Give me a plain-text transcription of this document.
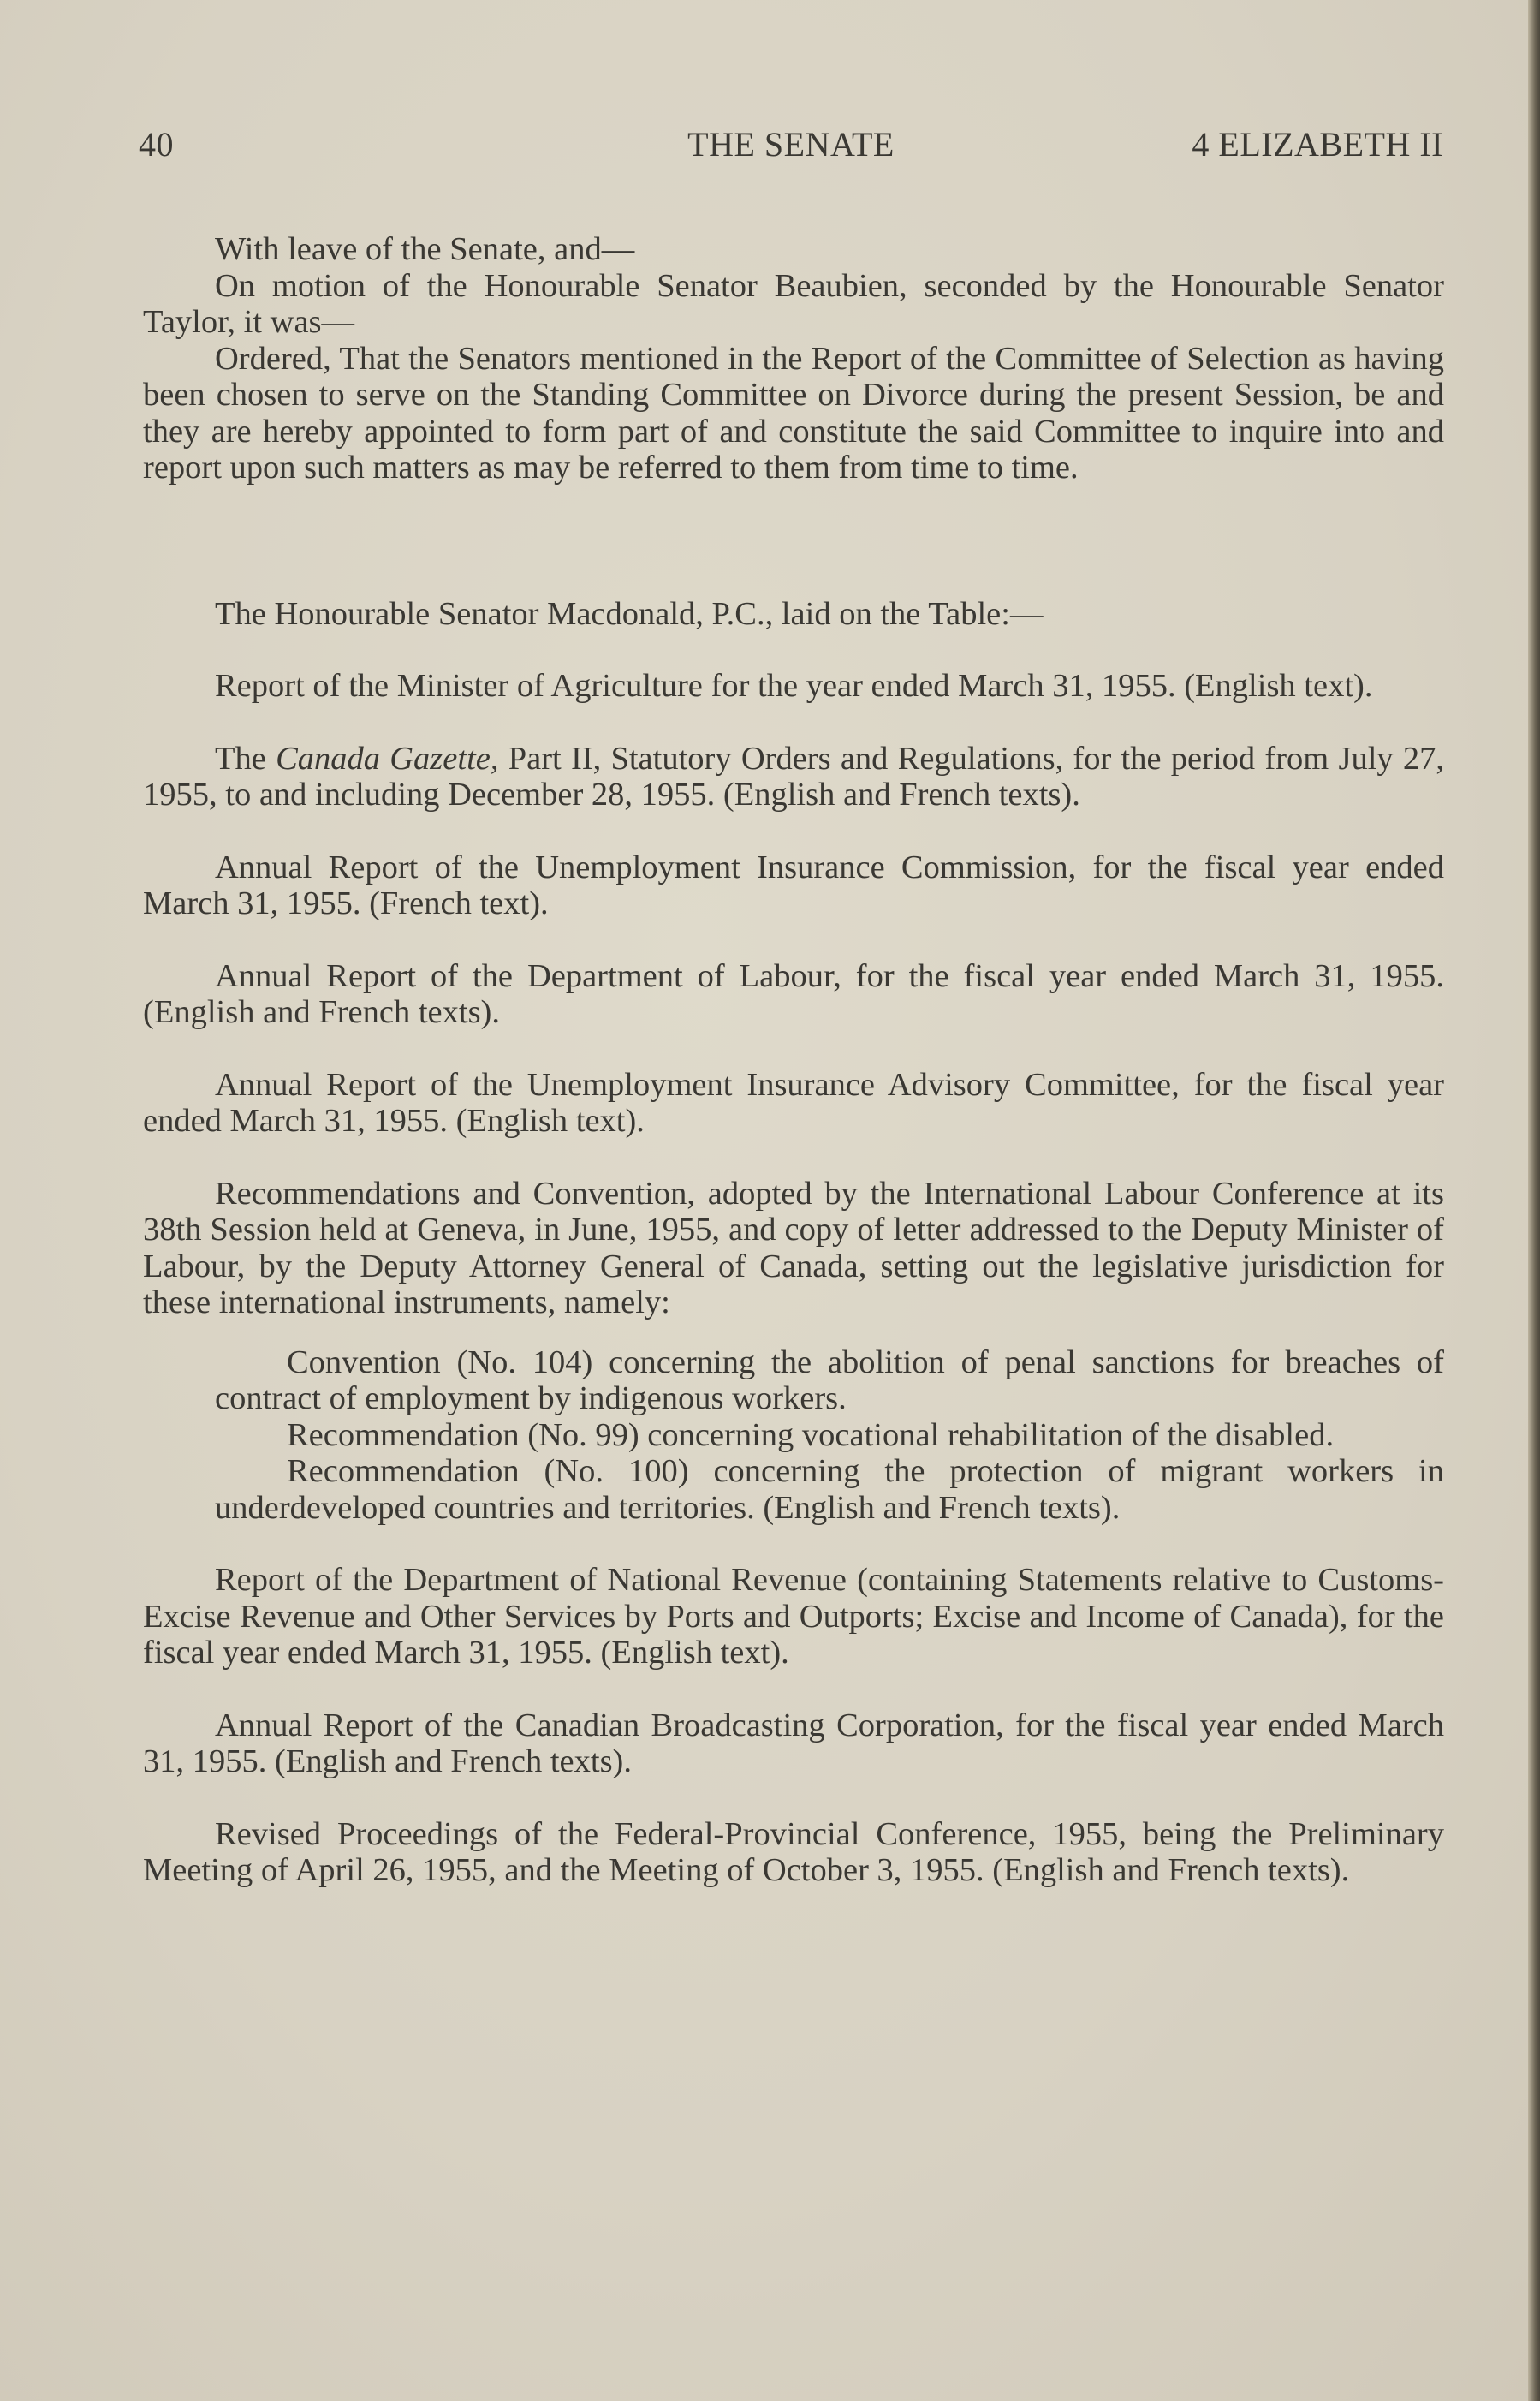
40	THE SENATE	4 ELIZABETH II

With leave of the Senate, and—

On motion of the Honourable Senator Beaubien, seconded by the Honourable Senator Taylor, it was—

Ordered, That the Senators mentioned in the Report of the Committee of Selection as having been chosen to serve on the Standing Committee on Divorce during the present Session, be and they are hereby appointed to form part of and constitute the said Committee to inquire into and report upon such matters as may be referred to them from time to time.

The Honourable Senator Macdonald, P.C., laid on the Table:—

Report of the Minister of Agriculture for the year ended March 31, 1955. (English text).

The Canada Gazette, Part II, Statutory Orders and Regulations, for the period from July 27, 1955, to and including December 28, 1955. (English and French texts).

Annual Report of the Unemployment Insurance Commission, for the fiscal year ended March 31, 1955. (French text).

Annual Report of the Department of Labour, for the fiscal year ended March 31, 1955. (English and French texts).

Annual Report of the Unemployment Insurance Advisory Committee, for the fiscal year ended March 31, 1955. (English text).

Recommendations and Convention, adopted by the International Labour Conference at its 38th Session held at Geneva, in June, 1955, and copy of letter addressed to the Deputy Minister of Labour, by the Deputy Attorney General of Canada, setting out the legislative jurisdiction for these international instruments, namely:

Convention (No. 104) concerning the abolition of penal sanctions for breaches of contract of employment by indigenous workers.

Recommendation (No. 99) concerning vocational rehabilitation of the disabled.

Recommendation (No. 100) concerning the protection of migrant workers in underdeveloped countries and territories. (English and French texts).

Report of the Department of National Revenue (containing Statements relative to Customs-Excise Revenue and Other Services by Ports and Outports; Excise and Income of Canada), for the fiscal year ended March 31, 1955. (English text).

Annual Report of the Canadian Broadcasting Corporation, for the fiscal year ended March 31, 1955. (English and French texts).

Revised Proceedings of the Federal-Provincial Conference, 1955, being the Preliminary Meeting of April 26, 1955, and the Meeting of October 3, 1955. (English and French texts).
